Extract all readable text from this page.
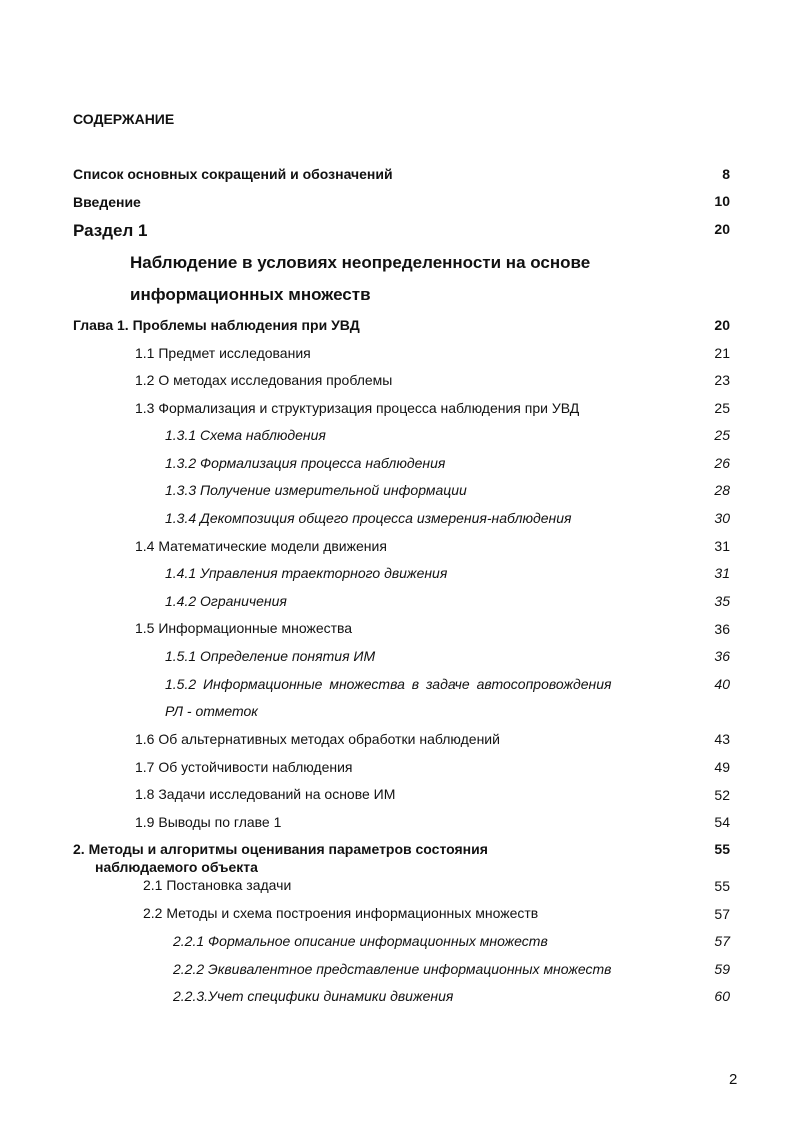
СОДЕРЖАНИЕ
Список основных сокращений и обозначений	8
Введение	10
Раздел 1	20
Наблюдение в условиях неопределенности на основе
информационных множеств
Глава 1. Проблемы наблюдения при УВД	20
1.1 Предмет исследования	21
1.2 О методах исследования проблемы	23
1.3 Формализация и структуризация процесса наблюдения при УВД	25
1.3.1 Схема наблюдения	25
1.3.2 Формализация процесса наблюдения	26
1.3.3 Получение измерительной информации	28
1.3.4 Декомпозиция общего процесса измерения-наблюдения	30
1.4 Математические модели движения	31
1.4.1 Управления траекторного движения	31
1.4.2 Ограничения	35
1.5 Информационные множества	36
1.5.1 Определение понятия ИМ	36
1.5.2 Информационные множества в задаче автосопровождения	40
РЛ - отметок
1.6 Об альтернативных методах обработки наблюдений	43
1.7 Об устойчивости наблюдения	49
1.8 Задачи исследований на основе ИМ	52
1.9 Выводы по главе 1	54
2. Методы и алгоритмы оценивания параметров состояния	55
наблюдаемого объекта
2.1 Постановка задачи	55
2.2 Методы и схема построения информационных множеств	57
2.2.1 Формальное описание информационных множеств	57
2.2.2 Эквивалентное представление информационных множеств	59
2.2.3.Учет специфики динамики движения	60
2
